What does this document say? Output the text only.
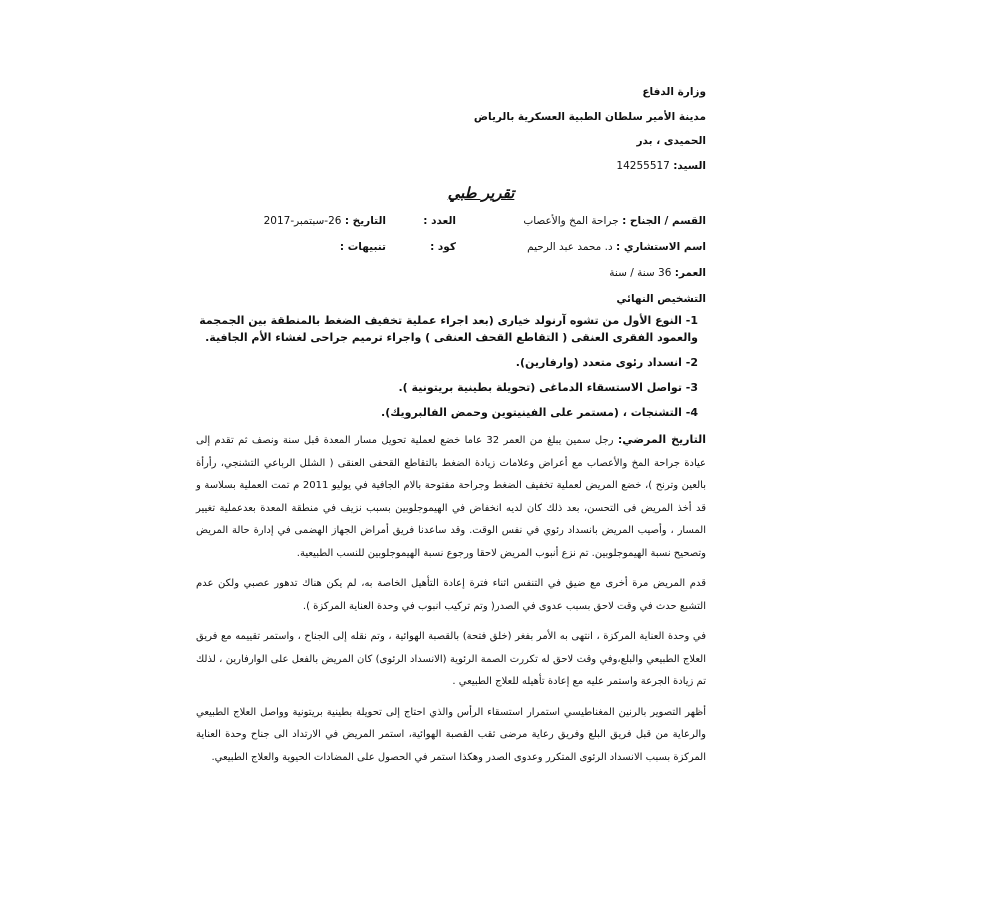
وزارة الدفاع
مدينة الأمير سلطان الطبية العسكرية بالرياض
الحميدى ، بدر
السيد: 14255517
تقرير طبي
القسم / الجناح : جراحة المخ والأعصاب
العدد :
التاريخ : 26-سبتمبر-2017
اسم الاستشاري : د. محمد عبد الرحيم
كود :
تنبيهات :
العمر: 36 سنة / سنة
التشخيص النهائي
1- النوع الأول من تشوه آرنولد خيارى (بعد اجراء عملية تخفيف الضغط بالمنطقة بين الجمجمة والعمود الفقرى العنقى ( التقاطع القحف العنقى ) واجراء ترميم جراحى لغشاء الأم الجافية.
2- انسداد رئوى متعدد (وارفارين).
3- تواصل الاستسقاء الدماغى (تحويلة بطينية بريتونية ).
4- التشنجات ، (مستمر على الفينيتوين وحمض الفالبرويك).
التاريخ المرضي: رجل سمين يبلغ من العمر 32 عاما خضع لعملية تحويل مسار المعدة قبل سنة ونصف ثم تقدم إلى عيادة جراحة المخ والأعصاب مع أعراض وعلامات زيادة الضغط بالتقاطع القحفى العنقى ( الشلل الرباعي التشنجي، رأرأة بالعين وترنح )، خضع المريض لعملية تخفيف الضغط وجراحة مفتوحة بالام الجافية في يوليو 2011 م تمت العملية بسلاسة و قد أخذ المريض فى التحسن، بعد ذلك كان لديه انخفاض في الهيموجلوبين بسبب نزيف في منطقة المعدة بعدعملية تغيير المسار ، وأصيب المريض بانسداد رئوي في نفس الوقت. وقد ساعدنا فريق أمراض الجهاز الهضمى في إدارة حالة المريض وتصحيح نسبة الهيموجلوبين. تم نزع أنبوب المريض لاحقا ورجوع نسبة الهيموجلوبين للنسب الطبيعية.
قدم المريض مرة أخرى مع ضيق في التنفس اثناء فترة إعادة التأهيل الخاصة به، لم يكن هناك تدهور عصبي ولكن عدم التشبع حدث في وقت لاحق بسبب عدوى في الصدر( وتم تركيب انبوب في وحدة العناية المركزة ).
في وحدة العناية المركزة ، انتهى به الأمر بفغر (خلق فتحة) بالقصبة الهوائية ، وتم نقله إلى الجناح ، واستمر تقييمه مع فريق العلاج الطبيعي والبلع،وفي وقت لاحق له تكررت الصمة الرئوية (الانسداد الرئوى) كان المريض بالفعل على الوارفارين ، لذلك تم زيادة الجرعة واستمر عليه مع إعادة تأهيله للعلاج الطبيعي .
أظهر التصوير بالرنين المغناطيسي استمرار استسقاء الرأس والذي احتاج إلى تحويلة بطينية بريتونية وواصل العلاج الطبيعي والرعاية من قبل فريق البلع وفريق رعاية مرضى ثقب القصبة الهوائية، استمر المريض في الارتداد الى جناح وحدة العناية المركزة بسبب الانسداد الرئوى المتكرر وعدوى الصدر وهكذا استمر في الحصول على المضادات الحيوية والعلاج الطبيعي.
